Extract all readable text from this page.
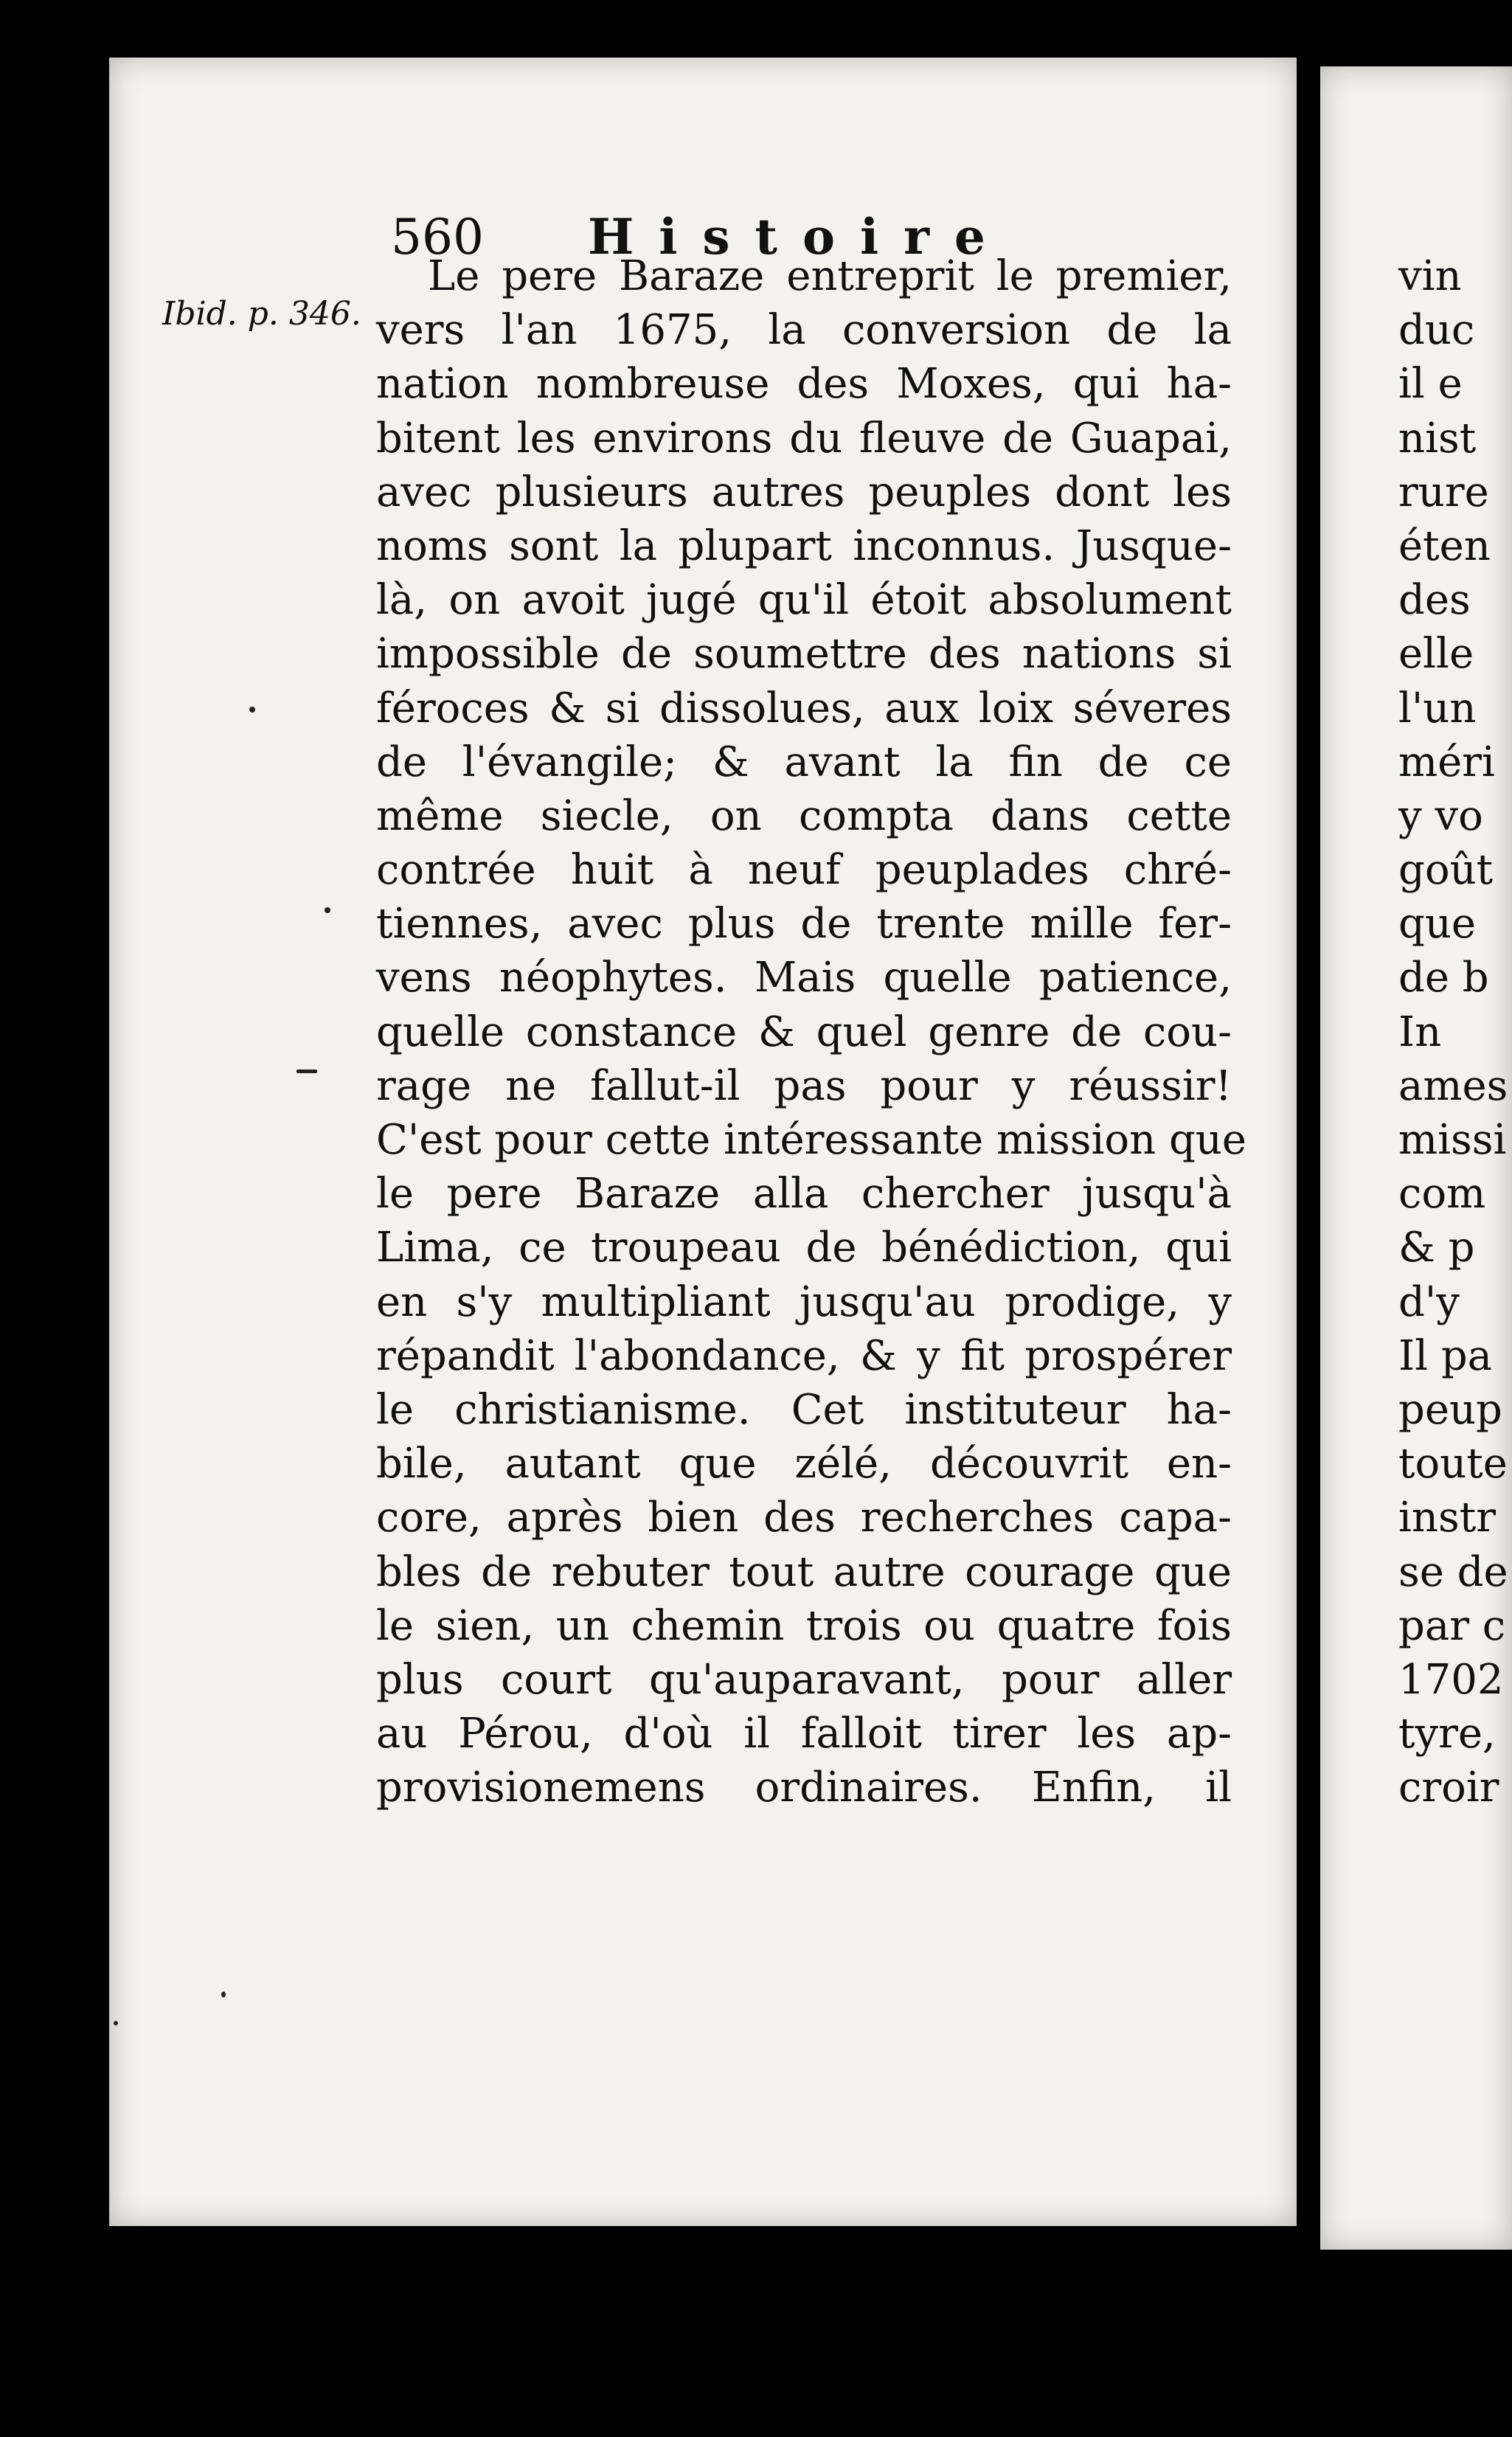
560 Histoire
Ibid. p. 346.
Le pere Baraze entreprit le premier,
vers l'an 1675, la conversion de la
nation nombreuse des Moxes, qui ha-
bitent les environs du fleuve de Guapai,
avec plusieurs autres peuples dont les
noms sont la plupart inconnus. Jusque-
là, on avoit jugé qu'il étoit absolument
impossible de soumettre des nations si
féroces & si dissolues, aux loix séveres
de l'évangile; & avant la fin de ce
même siecle, on compta dans cette
contrée huit à neuf peuplades chré-
tiennes, avec plus de trente mille fer-
vens néophytes. Mais quelle patience,
quelle constance & quel genre de cou-
rage ne fallut-il pas pour y réussir!
C'est pour cette intéressante mission que
le pere Baraze alla chercher jusqu'à
Lima, ce troupeau de bénédiction, qui
en s'y multipliant jusqu'au prodige, y
répandit l'abondance, & y fit prospérer
le christianisme. Cet instituteur ha-
bile, autant que zélé, découvrit en-
core, après bien des recherches capa-
bles de rebuter tout autre courage que
le sien, un chemin trois ou quatre fois
plus court qu'auparavant, pour aller
au Pérou, d'où il falloit tirer les ap-
provisionemens ordinaires. Enfin, il
vin
duc
il e
nist
rure
éten
des
elle
l'un
méri
y vo
goût
que
de b
In
ames
missi
com
& p
d'y
Il pa
peup
toute
instr
se de
par c
1702
tyre,
croir
